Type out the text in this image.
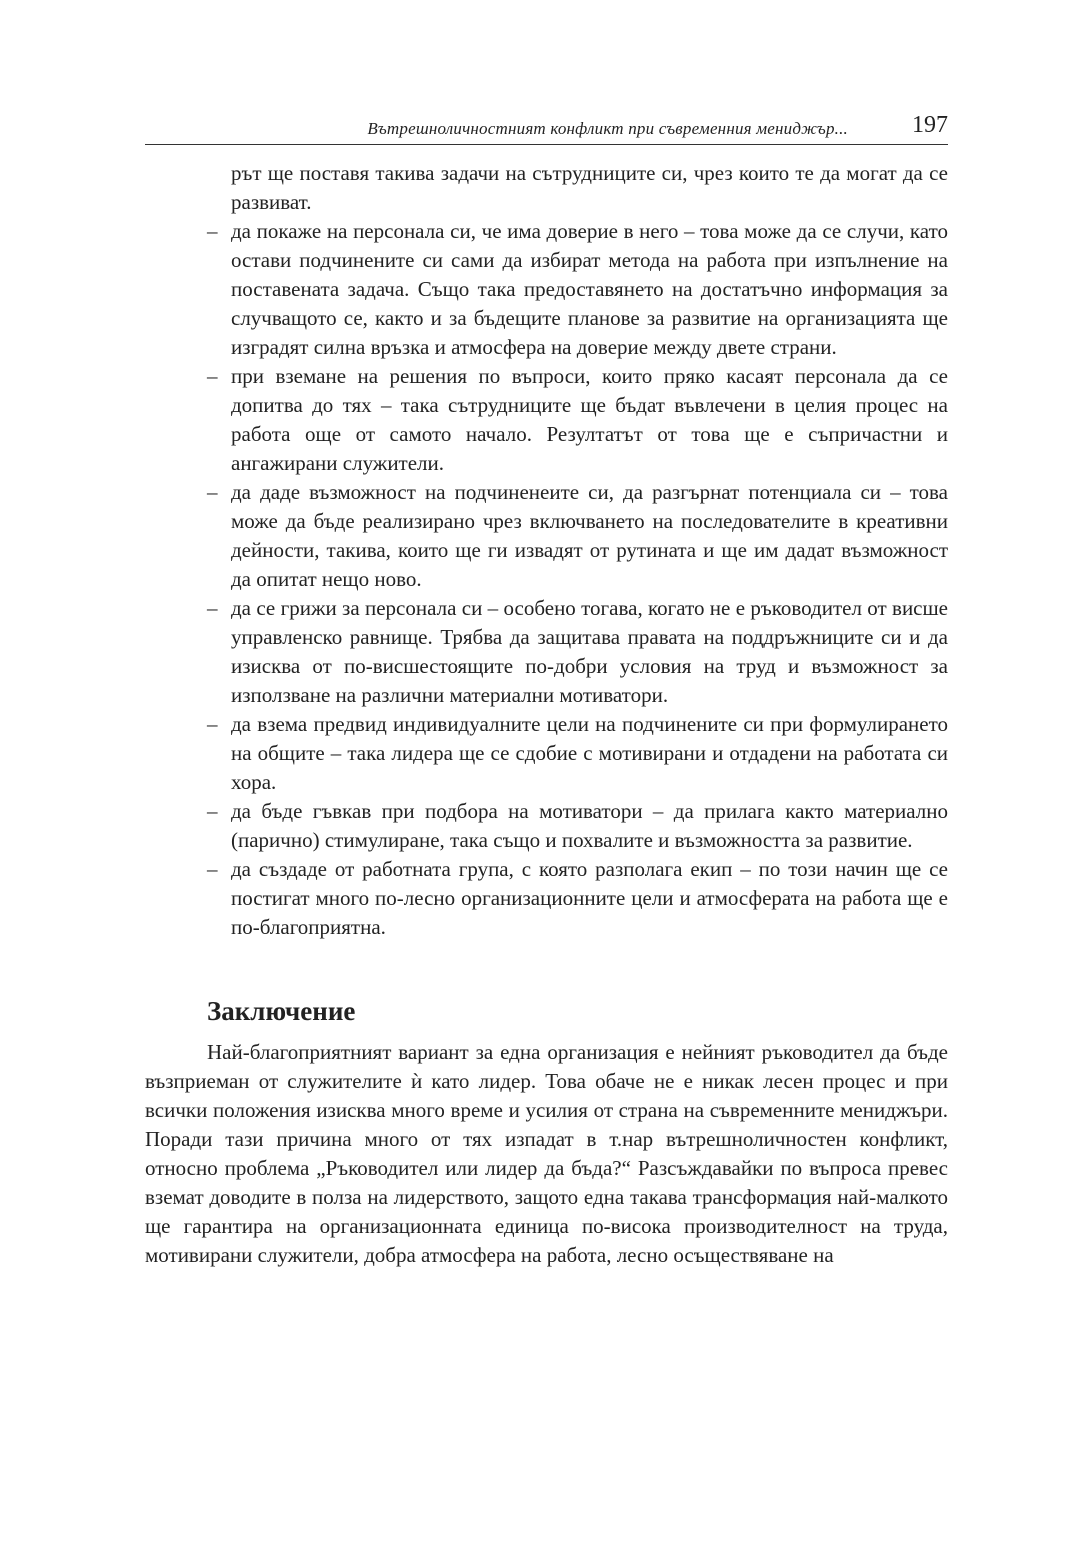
Вътрешноличностният конфликт при съвременния мениджър...	197

рът ще поставя такива задачи на сътрудниците си, чрез които те да могат да се развиват.

– да покаже на персонала си, че има доверие в него – това може да се случи, като остави подчинените си сами да избират метода на работа при изпълнение на поставената задача. Също така предоставянето на достатъчно информация за случващото се, както и за бъдещите планове за развитие на организацията ще изградят силна връзка и атмосфера на доверие между двете страни.
– при вземане на решения по въпроси, които пряко касаят персонала да се допитва до тях – така сътрудниците ще бъдат въвлечени в целия процес на работа още от самото начало. Резултатът от това ще е съпричастни и ангажирани служители.
– да даде възможност на подчиненеите си, да разгърнат потенциала си – това може да бъде реализирано чрез включването на последователите в креативни дейности, такива, които ще ги извадят от рутината и ще им дадат възможност да опитат нещо ново.
– да се грижи за персонала си – особено тогава, когато не е ръководител от висше управленско равнище. Трябва да защитава правата на поддръжниците си и да изисква от по-висшестоящите по-добри условия на труд и възможност за използване на различни материални мотиватори.
– да взема предвид индивидуалните цели на подчинените си при формулирането на общите – така лидера ще се сдобие с мотивирани и отдадени на работата си хора.
– да бъде гъвкав при подбора на мотиватори – да прилага както материално (парично) стимулиране, така също и похвалите и възможността за развитие.
– да създаде от работната група, с която разполага екип – по този начин ще се постигат много по-лесно организационните цели и атмосферата на работа ще е по-благоприятна.
Заключение

Най-благоприятният вариант за една организация е нейният ръководител да бъде възприеман от служителите ѝ като лидер. Това обаче не е никак лесен процес и при всички положения изисква много време и усилия от страна на съвременните мениджъри. Поради тази причина много от тях изпадат в т.нар вътрешноличностен конфликт, относно проблема „Ръководител или лидер да бъда?“ Разсъждавайки по въпроса превес вземат доводите в полза на лидерството, защото една такава трансформация най-малкото ще гарантира на организационната единица по-висока производителност на труда, мотивирани служители, добра атмосфера на работа, лесно осъществяване на
